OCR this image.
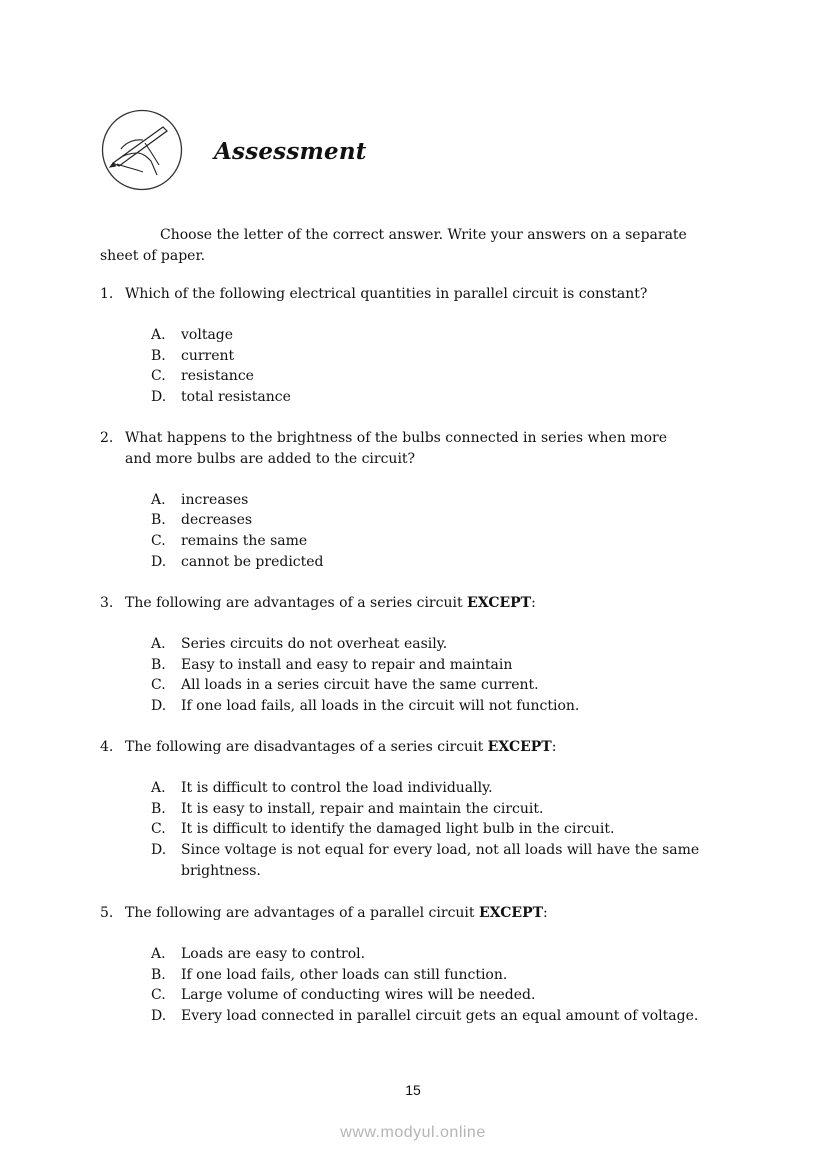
Assessment
Choose the letter of the correct answer. Write your answers on a separate
sheet of paper.
1. Which of the following electrical quantities in parallel circuit is constant?
A.	voltage
B.	current
C.	resistance
D.	total resistance
2. What happens to the brightness of the bulbs connected in series when more
and more bulbs are added to the circuit?
A.	increases
B.	decreases
C.	remains the same
D.	cannot be predicted
3. The following are advantages of a series circuit EXCEPT:
A.	Series circuits do not overheat easily.
B.	Easy to install and easy to repair and maintain
C.	All loads in a series circuit have the same current.
D.	If one load fails, all loads in the circuit will not function.
4. The following are disadvantages of a series circuit EXCEPT:
A.	It is difficult to control the load individually.
B.	It is easy to install, repair and maintain the circuit.
C.	It is difficult to identify the damaged light bulb in the circuit.
D.	Since voltage is not equal for every load, not all loads will have the same brightness.
5. The following are advantages of a parallel circuit EXCEPT:
A.	Loads are easy to control.
B.	If one load fails, other loads can still function.
C.	Large volume of conducting wires will be needed.
D.	Every load connected in parallel circuit gets an equal amount of voltage.
15
www.modyul.online
